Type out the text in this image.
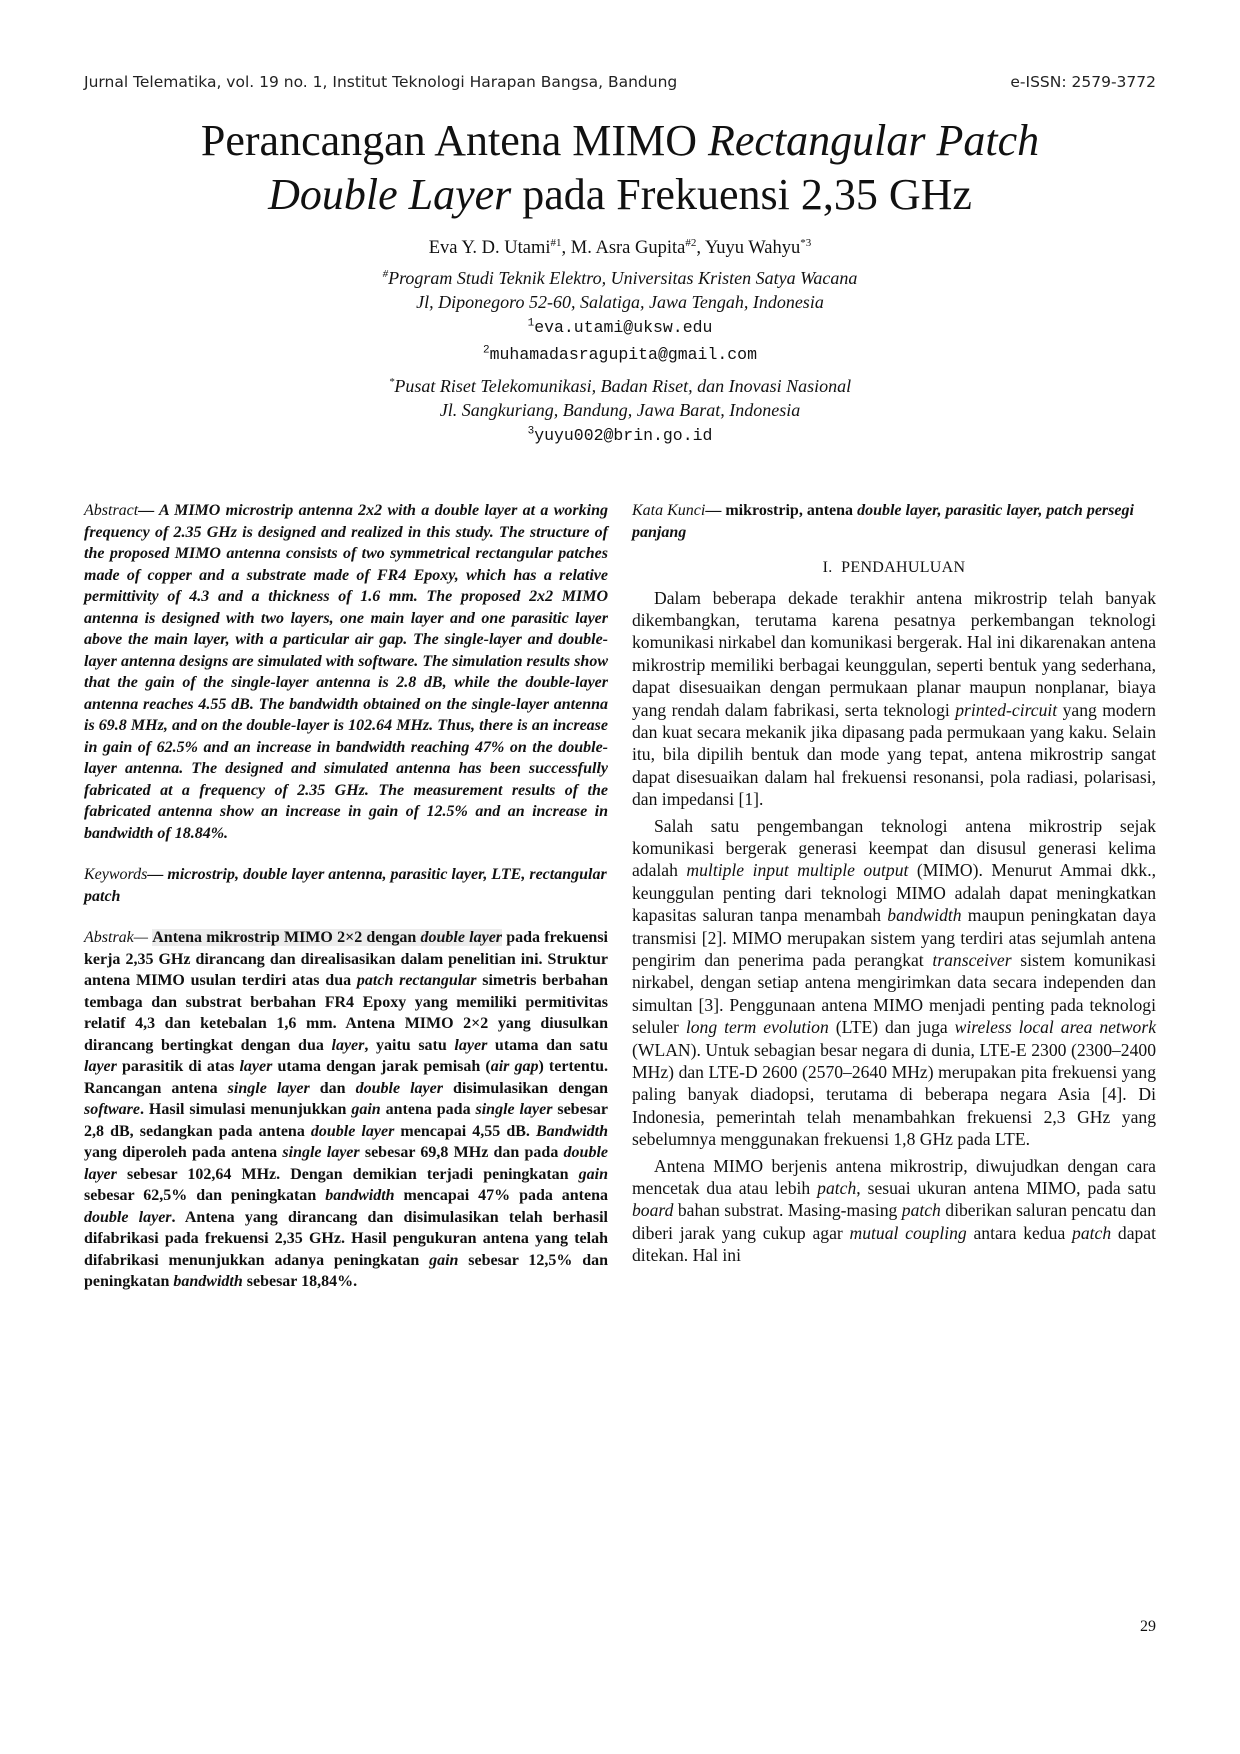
Jurnal Telematika, vol. 19 no. 1, Institut Teknologi Harapan Bangsa, Bandung	e-ISSN: 2579-3772
Perancangan Antena MIMO Rectangular Patch
Double Layer pada Frekuensi 2,35 GHz
Eva Y. D. Utami$^{\#1}$, M. Asra Gupita$^{\#2}$, Yuyu Wahyu$^{*3}$
#Program Studi Teknik Elektro, Universitas Kristen Satya Wacana
Jl, Diponegoro 52-60, Salatiga, Jawa Tengah, Indonesia
$^1$eva.utami@uksw.edu
$^2$muhamadasragupita@gmail.com
*Pusat Riset Telekomunikasi, Badan Riset, dan Inovasi Nasional
Jl. Sangkuriang, Bandung, Jawa Barat, Indonesia
$^3$yuyu002@brin.go.id
Abstract— A MIMO microstrip antenna 2x2 with a double layer at a working frequency of 2.35 GHz is designed and realized in this study. The structure of the proposed MIMO antenna consists of two symmetrical rectangular patches made of copper and a substrate made of FR4 Epoxy, which has a relative permittivity of 4.3 and a thickness of 1.6 mm. The proposed 2x2 MIMO antenna is designed with two layers, one main layer and one parasitic layer above the main layer, with a particular air gap. The single-layer and double-layer antenna designs are simulated with software. The simulation results show that the gain of the single-layer antenna is 2.8 dB, while the double-layer antenna reaches 4.55 dB. The bandwidth obtained on the single-layer antenna is 69.8 MHz, and on the double-layer is 102.64 MHz. Thus, there is an increase in gain of 62.5% and an increase in bandwidth reaching 47% on the double-layer antenna. The designed and simulated antenna has been successfully fabricated at a frequency of 2.35 GHz. The measurement results of the fabricated antenna show an increase in gain of 12.5% and an increase in bandwidth of 18.84%.
Keywords— microstrip, double layer antenna, parasitic layer, LTE, rectangular patch
Abstrak— Antena mikrostrip MIMO 2×2 dengan double layer pada frekuensi kerja 2,35 GHz dirancang dan direalisasikan dalam penelitian ini. Struktur antena MIMO usulan terdiri atas dua patch rectangular simetris berbahan tembaga dan substrat berbahan FR4 Epoxy yang memiliki permitivitas relatif 4,3 dan ketebalan 1,6 mm. Antena MIMO 2×2 yang diusulkan dirancang bertingkat dengan dua layer, yaitu satu layer utama dan satu layer parasitik di atas layer utama dengan jarak pemisah (air gap) tertentu. Rancangan antena single layer dan double layer disimulasikan dengan software. Hasil simulasi menunjukkan gain antena pada single layer sebesar 2,8 dB, sedangkan pada antena double layer mencapai 4,55 dB. Bandwidth yang diperoleh pada antena single layer sebesar 69,8 MHz dan pada double layer sebesar 102,64 MHz. Dengan demikian terjadi peningkatan gain sebesar 62,5% dan peningkatan bandwidth mencapai 47% pada antena double layer. Antena yang dirancang dan disimulasikan telah berhasil difabrikasi pada frekuensi 2,35 GHz. Hasil pengukuran antena yang telah difabrikasi menunjukkan adanya peningkatan gain sebesar 12,5% dan peningkatan bandwidth sebesar 18,84%.
Kata Kunci— mikrostrip, antena double layer, parasitic layer, patch persegi panjang
I. PENDAHULUAN

Dalam beberapa dekade terakhir antena mikrostrip telah banyak dikembangkan, terutama karena pesatnya perkembangan teknologi komunikasi nirkabel dan komunikasi bergerak. Hal ini dikarenakan antena mikrostrip memiliki berbagai keunggulan, seperti bentuk yang sederhana, dapat disesuaikan dengan permukaan planar maupun nonplanar, biaya yang rendah dalam fabrikasi, serta teknologi printed-circuit yang modern dan kuat secara mekanik jika dipasang pada permukaan yang kaku. Selain itu, bila dipilih bentuk dan mode yang tepat, antena mikrostrip sangat dapat disesuaikan dalam hal frekuensi resonansi, pola radiasi, polarisasi, dan impedansi [1].

Salah satu pengembangan teknologi antena mikrostrip sejak komunikasi bergerak generasi keempat dan disusul generasi kelima adalah multiple input multiple output (MIMO). Menurut Ammai dkk., keunggulan penting dari teknologi MIMO adalah dapat meningkatkan kapasitas saluran tanpa menambah bandwidth maupun peningkatan daya transmisi [2]. MIMO merupakan sistem yang terdiri atas sejumlah antena pengirim dan penerima pada perangkat transceiver sistem komunikasi nirkabel, dengan setiap antena mengirimkan data secara independen dan simultan [3]. Penggunaan antena MIMO menjadi penting pada teknologi seluler long term evolution (LTE) dan juga wireless local area network (WLAN). Untuk sebagian besar negara di dunia, LTE-E 2300 (2300–2400 MHz) dan LTE-D 2600 (2570–2640 MHz) merupakan pita frekuensi yang paling banyak diadopsi, terutama di beberapa negara Asia [4]. Di Indonesia, pemerintah telah menambahkan frekuensi 2,3 GHz yang sebelumnya menggunakan frekuensi 1,8 GHz pada LTE.

Antena MIMO berjenis antena mikrostrip, diwujudkan dengan cara mencetak dua atau lebih patch, sesuai ukuran antena MIMO, pada satu board bahan substrat. Masing-masing patch diberikan saluran pencatu dan diberi jarak yang cukup agar mutual coupling antara kedua patch dapat ditekan. Hal ini

29
